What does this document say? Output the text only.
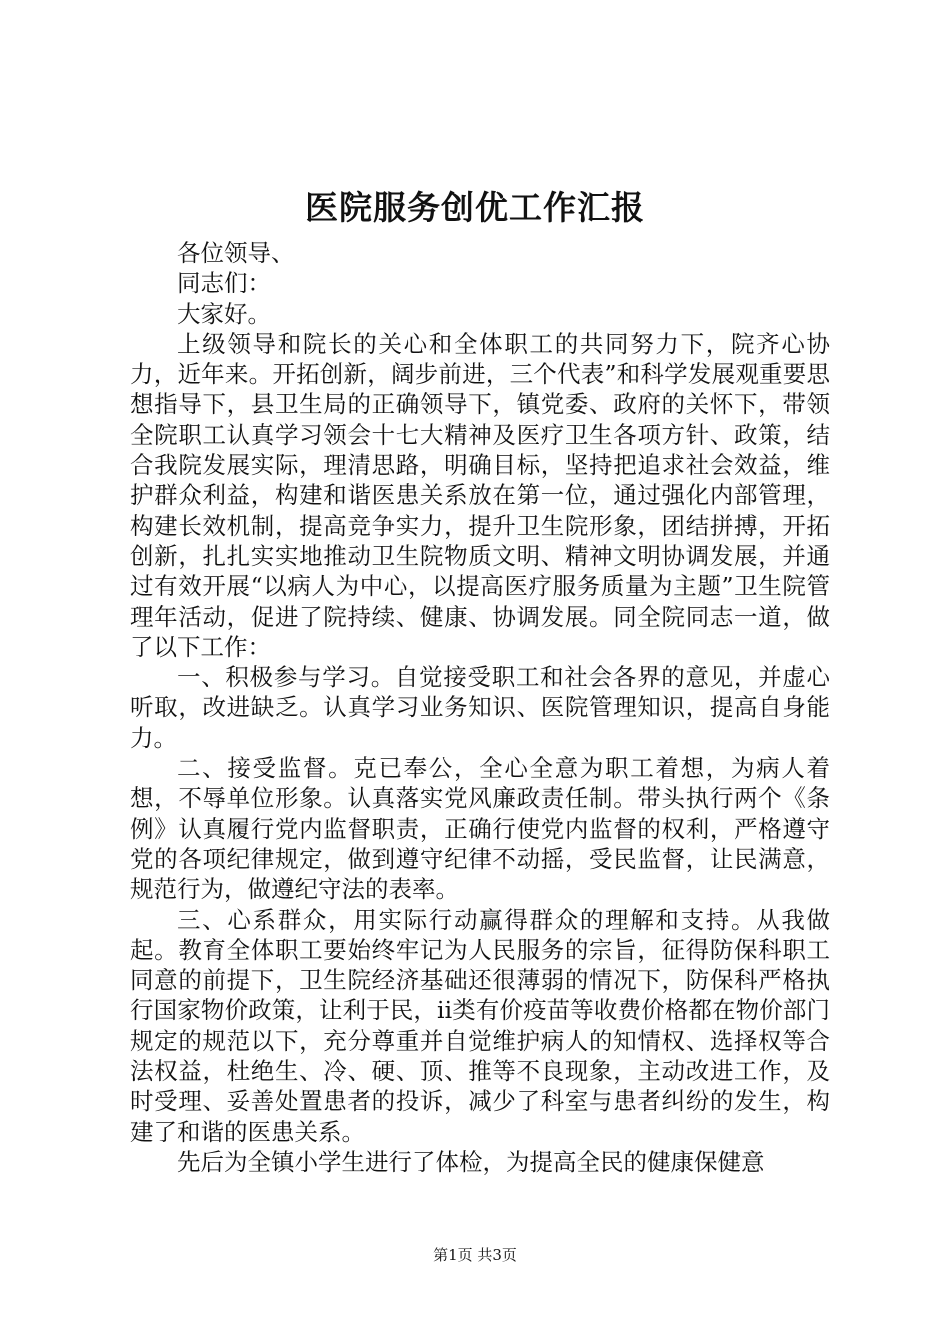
医院服务创优工作汇报

各位领导、

同志们：

大家好。

上级领导和院长的关心和全体职工的共同努力下，院齐心协力，近年来。开拓创新，阔步前进，三个代表”和科学发展观重要思想指导下，县卫生局的正确领导下，镇党委、政府的关怀下，带领全院职工认真学习领会十七大精神及医疗卫生各项方针、政策，结合我院发展实际，理清思路，明确目标，坚持把追求社会效益，维护群众利益，构建和谐医患关系放在第一位，通过强化内部管理，构建长效机制，提高竞争实力，提升卫生院形象，团结拼搏，开拓创新，扎扎实实地推动卫生院物质文明、精神文明协调发展，并通过有效开展“以病人为中心，以提高医疗服务质量为主题”卫生院管理年活动，促进了院持续、健康、协调发展。同全院同志一道，做了以下工作：

一、积极参与学习。自觉接受职工和社会各界的意见，并虚心听取，改进缺乏。认真学习业务知识、医院管理知识，提高自身能力。

二、接受监督。克已奉公，全心全意为职工着想，为病人着想，不辱单位形象。认真落实党风廉政责任制。带头执行两个《条例》认真履行党内监督职责，正确行使党内监督的权利，严格遵守党的各项纪律规定，做到遵守纪律不动摇，受民监督，让民满意，规范行为，做遵纪守法的表率。

三、心系群众，用实际行动赢得群众的理解和支持。从我做起。教育全体职工要始终牢记为人民服务的宗旨，征得防保科职工同意的前提下，卫生院经济基础还很薄弱的情况下，防保科严格执行国家物价政策，让利于民，ii类有价疫苗等收费价格都在物价部门规定的规范以下，充分尊重并自觉维护病人的知情权、选择权等合法权益，杜绝生、冷、硬、顶、推等不良现象，主动改进工作，及时受理、妥善处置患者的投诉，减少了科室与患者纠纷的发生，构建了和谐的医患关系。

先后为全镇小学生进行了体检，为提高全民的健康保健意

第1页 共3页
